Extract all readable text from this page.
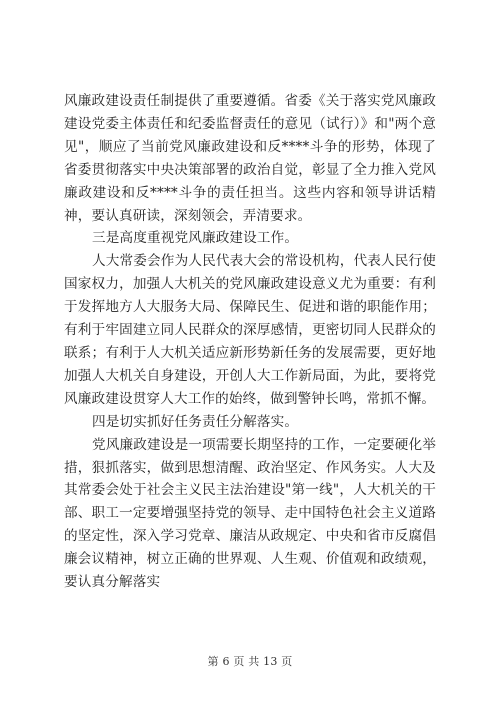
风廉政建设责任制提供了重要遵循。省委《关于落实党风廉政建设党委主体责任和纪委监督责任的意见（试行）》和"两个意见"，顺应了当前党风廉政建设和反****斗争的形势，体现了省委贯彻落实中央决策部署的政治自觉，彰显了全力推入党风廉政建设和反****斗争的责任担当。这些内容和领导讲话精神，要认真研读，深刻领会，弄清要求。

三是高度重视党风廉政建设工作。

人大常委会作为人民代表大会的常设机构，代表人民行使国家权力，加强人大机关的党风廉政建设意义尤为重要：有利于发挥地方人大服务大局、保障民生、促进和谐的职能作用；有利于牢固建立同人民群众的深厚感情，更密切同人民群众的联系；有利于人大机关适应新形势新任务的发展需要，更好地加强人大机关自身建设，开创人大工作新局面，为此，要将党风廉政建设贯穿人大工作的始终，做到警钟长鸣，常抓不懈。

四是切实抓好任务责任分解落实。

党风廉政建设是一项需要长期坚持的工作，一定要硬化举措，狠抓落实，做到思想清醒、政治坚定、作风务实。人大及其常委会处于社会主义民主法治建设"第一线"，人大机关的干部、职工一定要增强坚持党的领导、走中国特色社会主义道路的坚定性，深入学习党章、廉洁从政规定、中央和省市反腐倡廉会议精神，树立正确的世界观、人生观、价值观和政绩观，要认真分解落实

第 6 页 共 13 页
